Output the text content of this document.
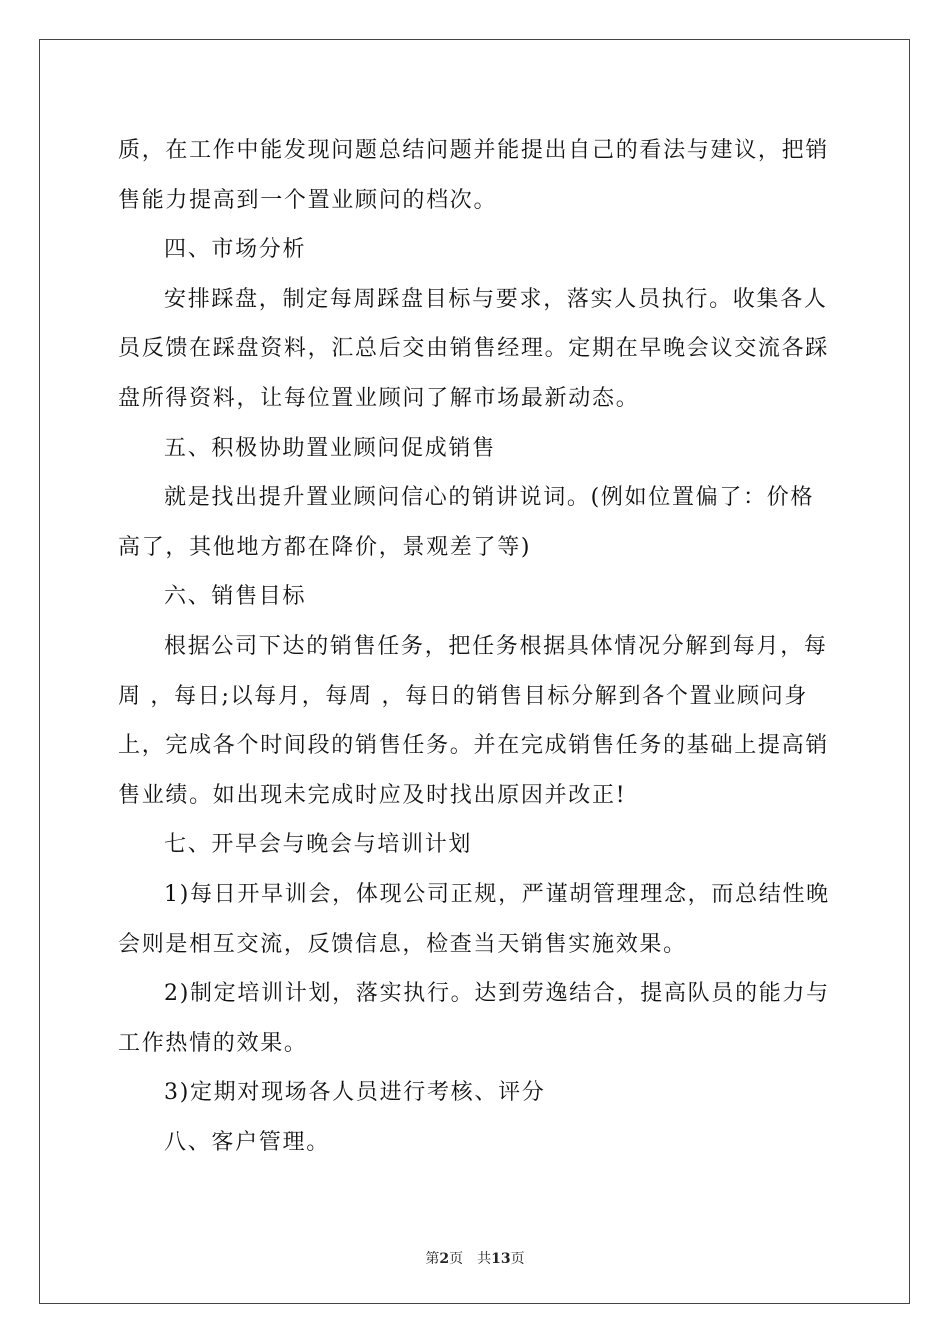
质，在工作中能发现问题总结问题并能提出自己的看法与建议，把销
售能力提高到一个置业顾问的档次。
四、市场分析
安排踩盘，制定每周踩盘目标与要求，落实人员执行。收集各人
员反馈在踩盘资料，汇总后交由销售经理。定期在早晚会议交流各踩
盘所得资料，让每位置业顾问了解市场最新动态。
五、积极协助置业顾问促成销售
就是找出提升置业顾问信心的销讲说词。(例如位置偏了：价格
高了，其他地方都在降价，景观差了等)
六、销售目标
根据公司下达的销售任务，把任务根据具体情况分解到每月，每
周 ，每日;以每月，每周 ，每日的销售目标分解到各个置业顾问身
上，完成各个时间段的销售任务。并在完成销售任务的基础上提高销
售业绩。如出现未完成时应及时找出原因并改正!
七、开早会与晚会与培训计划
1)每日开早训会，体现公司正规，严谨胡管理理念，而总结性晚
会则是相互交流，反馈信息，检查当天销售实施效果。
2)制定培训计划，落实执行。达到劳逸结合，提高队员的能力与
工作热情的效果。
3)定期对现场各人员进行考核、评分
八、客户管理。
第2页 共13页
